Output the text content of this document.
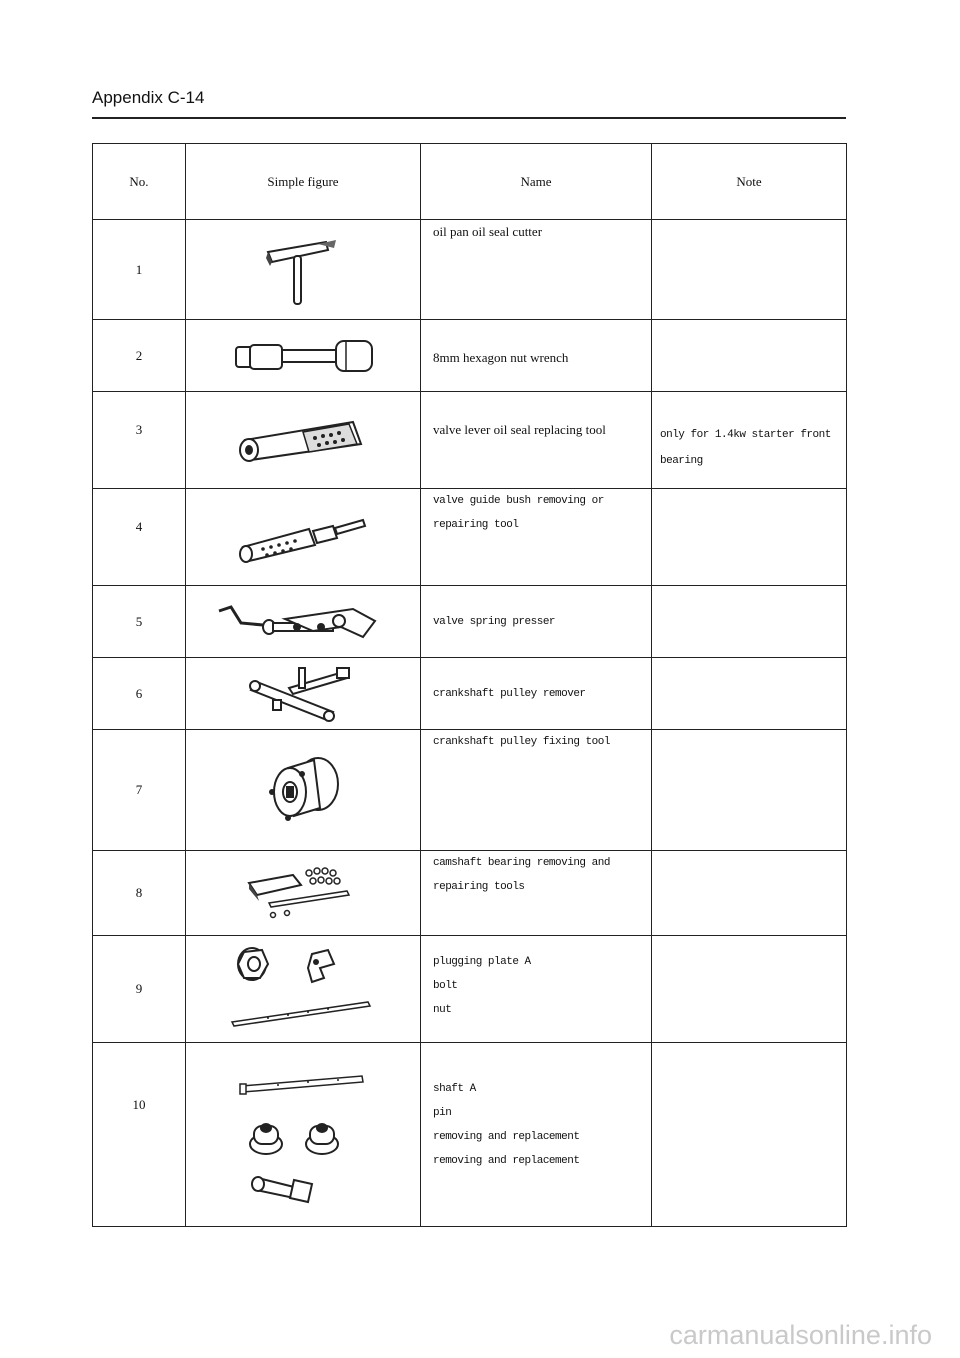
Appendix C-14
No.	Simple figure	Name	Note
1		oil pan oil seal cutter	

2		8mm hexagon nut wrench	

3		valve lever oil seal replacing tool	only for 1.4kw starter front
bearing

4		valve guide bush removing or
repairing tool	

5		valve spring presser	

6		crankshaft pulley remover	

7		crankshaft pulley fixing tool	

8		camshaft bearing removing and
repairing tools	

9		plugging plate A
bolt
nut	

10		shaft A
pin
removing and replacement
removing and replacement	

carmanualsonline.info
